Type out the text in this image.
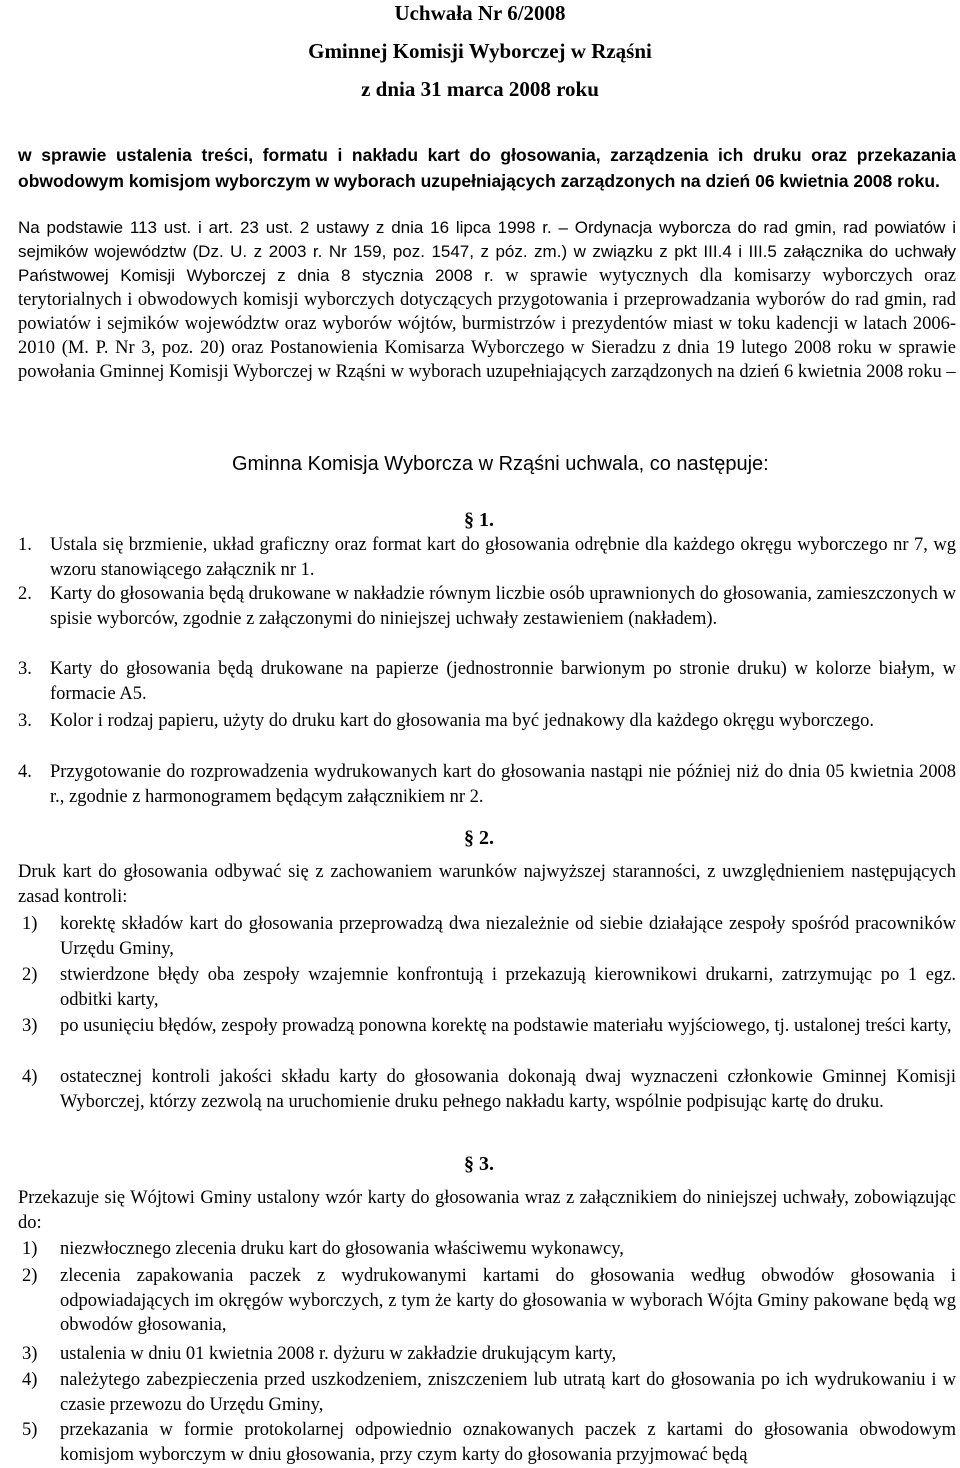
Uchwała Nr 6/2008
Gminnej Komisji Wyborczej w Rząśni
z dnia 31 marca 2008 roku
w sprawie ustalenia treści, formatu i nakładu kart do głosowania, zarządzenia ich druku oraz przekazania obwodowym komisjom wyborczym w wyborach uzupełniających zarządzonych na dzień 06 kwietnia 2008 roku.
Na podstawie 113 ust. i art. 23 ust. 2 ustawy z dnia 16 lipca 1998 r. – Ordynacja wyborcza do rad gmin, rad powiatów i sejmików województw (Dz. U. z 2003 r. Nr 159, poz. 1547, z póz. zm.) w związku z pkt III.4 i III.5 załącznika do uchwały Państwowej Komisji Wyborczej z dnia 8 stycznia 2008 r. w sprawie wytycznych dla komisarzy wyborczych oraz terytorialnych i obwodowych komisji wyborczych dotyczących przygotowania i przeprowadzania wyborów do rad gmin, rad powiatów i sejmików województw oraz wyborów wójtów, burmistrzów i prezydentów miast w toku kadencji w latach 2006-2010 (M. P. Nr 3, poz. 20) oraz Postanowienia Komisarza Wyborczego w Sieradzu z dnia 19 lutego 2008 roku w sprawie powołania Gminnej Komisji Wyborczej w Rząśni w wyborach uzupełniających zarządzonych na dzień 6 kwietnia 2008 roku –
Gminna Komisja Wyborcza w Rząśni uchwala, co następuje:
§ 1.
1. Ustala się brzmienie, układ graficzny oraz format kart do głosowania odrębnie dla każdego okręgu wyborczego nr 7, wg wzoru stanowiącego załącznik nr 1.
2. Karty do głosowania będą drukowane w nakładzie równym liczbie osób uprawnionych do głosowania, zamieszczonych w spisie wyborców, zgodnie z załączonymi do niniejszej uchwały zestawieniem (nakładem).
3. Karty do głosowania będą drukowane na papierze (jednostronnie barwionym po stronie druku) w kolorze białym, w formacie A5.
3. Kolor i rodzaj papieru, użyty do druku kart do głosowania ma być jednakowy dla każdego okręgu wyborczego.
4. Przygotowanie do rozprowadzenia wydrukowanych kart do głosowania nastąpi nie później niż do dnia 05 kwietnia 2008 r., zgodnie z harmonogramem będącym załącznikiem nr 2.
§ 2.
Druk kart do głosowania odbywać się z zachowaniem warunków najwyższej staranności, z uwzględnieniem następujących zasad kontroli:
1) korektę składów kart do głosowania przeprowadzą dwa niezależnie od siebie działające zespoły spośród pracowników Urzędu Gminy,
2) stwierdzone błędy oba zespoły wzajemnie konfrontują i przekazują kierownikowi drukarni, zatrzymując po 1 egz. odbitki karty,
3) po usunięciu błędów, zespoły prowadzą ponowna korektę na podstawie materiału wyjściowego, tj. ustalonej treści karty,
4) ostatecznej kontroli jakości składu karty do głosowania dokonają dwaj wyznaczeni członkowie Gminnej Komisji Wyborczej, którzy zezwolą na uruchomienie druku pełnego nakładu karty, wspólnie podpisując kartę do druku.
§ 3.
Przekazuje się Wójtowi Gminy ustalony wzór karty do głosowania wraz z załącznikiem do niniejszej uchwały, zobowiązując do:
1) niezwłocznego zlecenia druku kart do głosowania właściwemu wykonawcy,
2) zlecenia zapakowania paczek z wydrukowanymi kartami do głosowania według obwodów głosowania i odpowiadających im okręgów wyborczych, z tym że karty do głosowania w wyborach Wójta Gminy pakowane będą wg obwodów głosowania,
3) ustalenia w dniu 01 kwietnia 2008 r. dyżuru w zakładzie drukującym karty,
4) należytego zabezpieczenia przed uszkodzeniem, zniszczeniem lub utratą kart do głosowania po ich wydrukowaniu i w czasie przewozu do Urzędu Gminy,
5) przekazania w formie protokolarnej odpowiednio oznakowanych paczek z kartami do głosowania obwodowym komisjom wyborczym w dniu głosowania, przy czym karty do głosowania przyjmować będą
